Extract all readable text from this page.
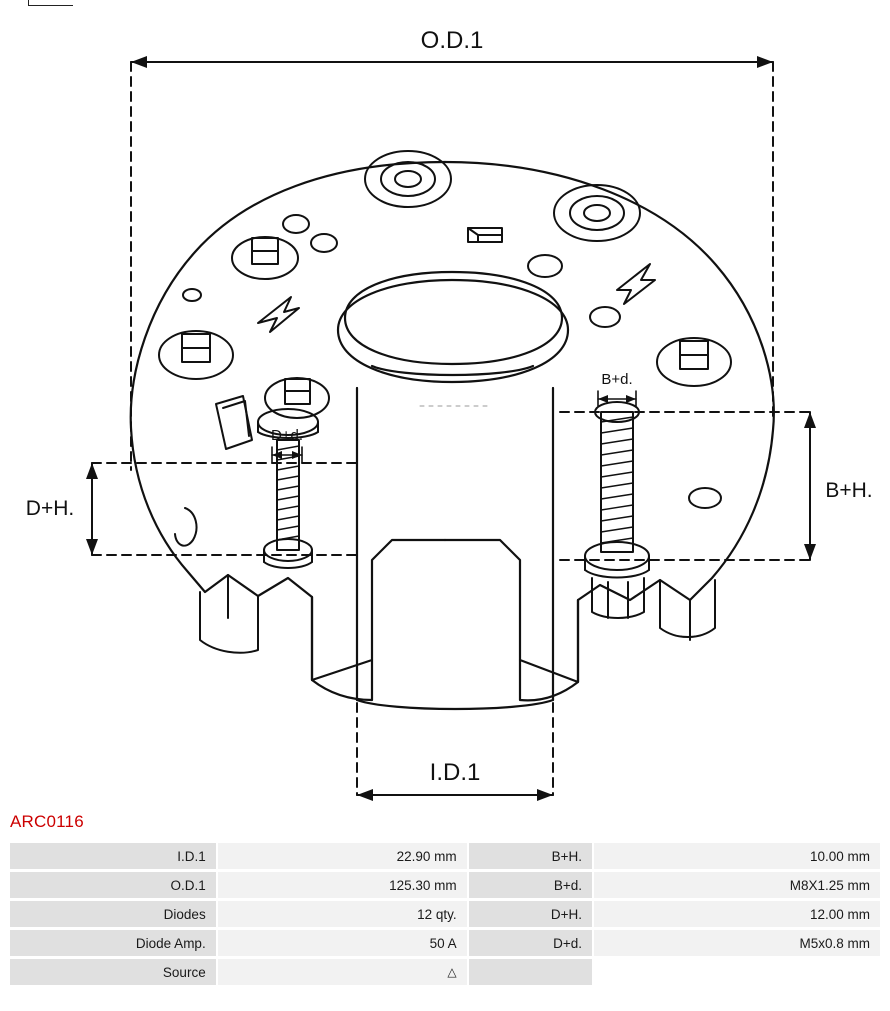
O.D.1
I.D.1
D+H.
B+H.
D+d.
B+d.
ARC0116
I.D.1	22.90 mm	B+H.	10.00 mm
O.D.1	125.30 mm	B+d.	M8X1.25 mm
Diodes	12 qty.	D+H.	12.00 mm
Diode Amp.	50 A	D+d.	M5x0.8 mm
Source	△		
